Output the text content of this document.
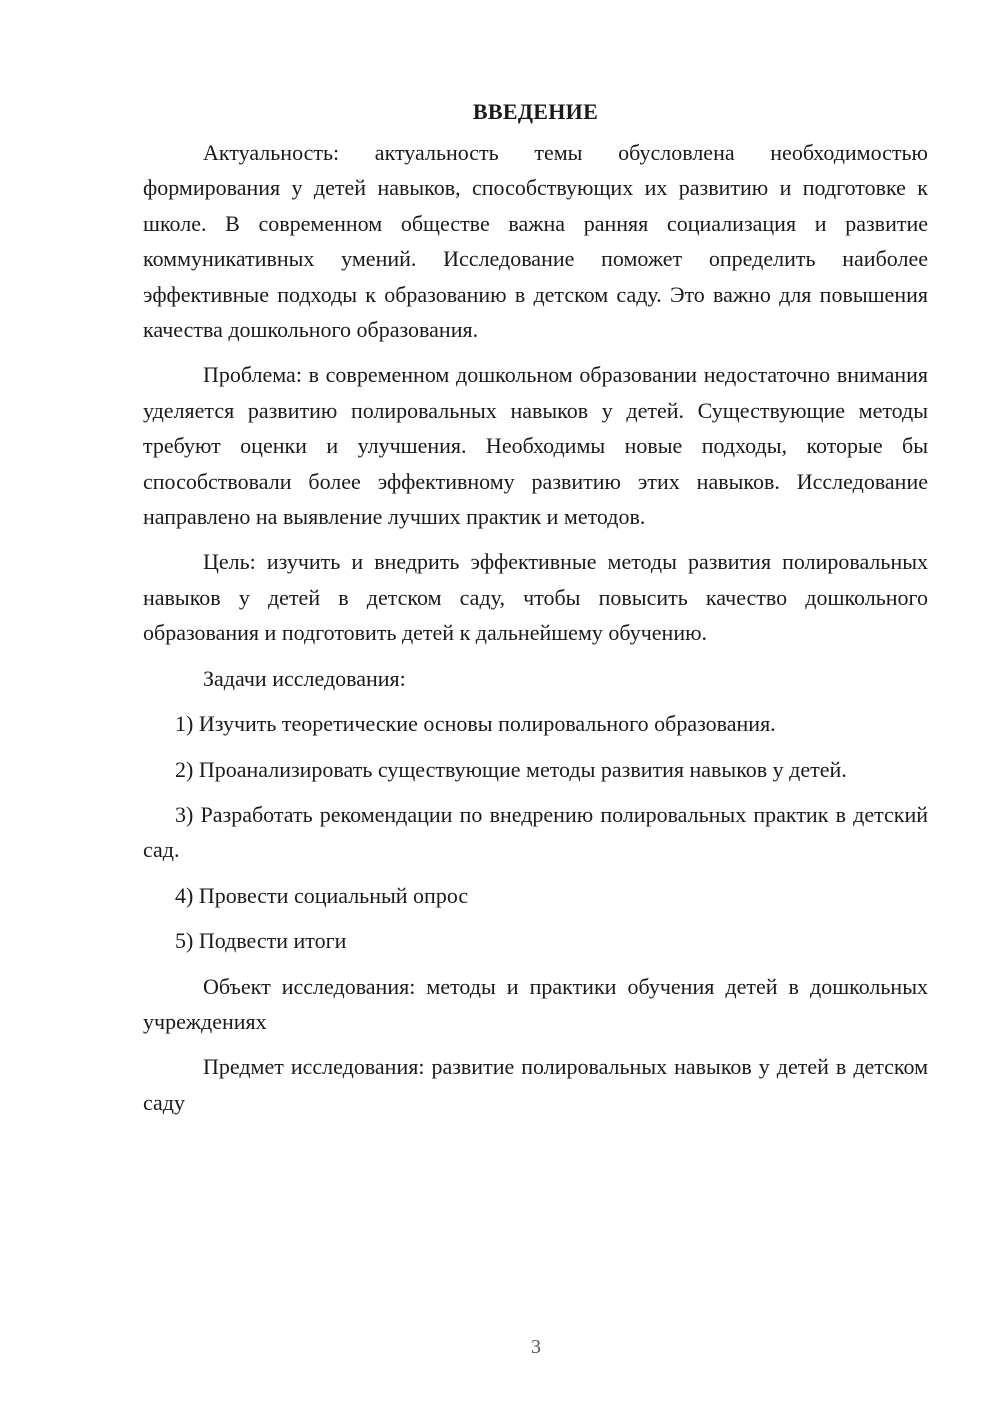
ВВЕДЕНИЕ

Актуальность: актуальность темы обусловлена необходимостью формирования у детей навыков, способствующих их развитию и подготовке к школе. В современном обществе важна ранняя социализация и развитие коммуникативных умений. Исследование поможет определить наиболее эффективные подходы к образованию в детском саду. Это важно для повышения качества дошкольного образования.

Проблема: в современном дошкольном образовании недостаточно внимания уделяется развитию полировальных навыков у детей. Существующие методы требуют оценки и улучшения. Необходимы новые подходы, которые бы способствовали более эффективному развитию этих навыков. Исследование направлено на выявление лучших практик и методов.

Цель: изучить и внедрить эффективные методы развития полировальных навыков у детей в детском саду, чтобы повысить качество дошкольного образования и подготовить детей к дальнейшему обучению.

Задачи исследования:

1) Изучить теоретические основы полировального образования.

2) Проанализировать существующие методы развития навыков у детей.

3) Разработать рекомендации по внедрению полировальных практик в детский сад.

4) Провести социальный опрос

5) Подвести итоги

Объект исследования: методы и практики обучения детей в дошкольных учреждениях

Предмет исследования: развитие полировальных навыков у детей в детском саду

3
